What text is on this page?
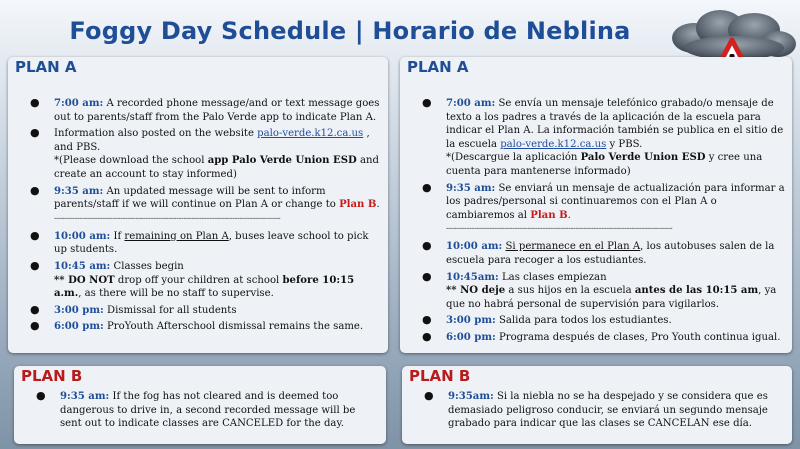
Foggy Day Schedule | Horario de Neblina
PLAN A
● 7:00 am: A recorded phone message/and or text message goes out to parents/staff from the Palo Verde app to indicate Plan A.
● Information also posted on the website palo-verde.k12.ca.us , and PBS.
*(Please download the school app Palo Verde Union ESD and create an account to stay informed)
● 9:35 am: An updated message will be sent to inform parents/staff if we will continue on Plan A or change to Plan B.
-----------------------------------------------------------------------------------------
● 10:00 am: If remaining on Plan A, buses leave school to pick up students.
● 10:45 am: Classes begin
** DO NOT drop off your children at school before 10:15 a.m., as there will be no staff to supervise.
● 3:00 pm: Dismissal for all students
● 6:00 pm: ProYouth Afterschool dismissal remains the same.
PLAN A
● 7:00 am: Se envía un mensaje telefónico grabado/o mensaje de texto a los padres a través de la aplicación de la escuela para indicar el Plan A. La información también se publica en el sitio de la escuela palo-verde.k12.ca.us y PBS.
*(Descargue la aplicación Palo Verde Union ESD y cree una cuenta para mantenerse informado)
● 9:35 am: Se enviará un mensaje de actualización para informar a los padres/personal si continuaremos con el Plan A o cambiaremos al Plan B.
-----------------------------------------------------------------------------------------
● 10:00 am: Si permanece en el Plan A, los autobuses salen de la escuela para recoger a los estudiantes.
● 10:45am: Las clases empiezan
** NO deje a sus hijos en la escuela antes de las 10:15 am, ya que no habrá personal de supervisión para vigilarlos.
● 3:00 pm: Salida para todos los estudiantes.
● 6:00 pm: Programa después de clases, Pro Youth continua igual.
PLAN B
● 9:35 am: If the fog has not cleared and is deemed too dangerous to drive in, a second recorded message will be sent out to indicate classes are CANCELED for the day.
PLAN B
● 9:35am: Si la niebla no se ha despejado y se considera que es demasiado peligroso conducir, se enviará un segundo mensaje grabado para indicar que las clases se CANCELAN ese día.
